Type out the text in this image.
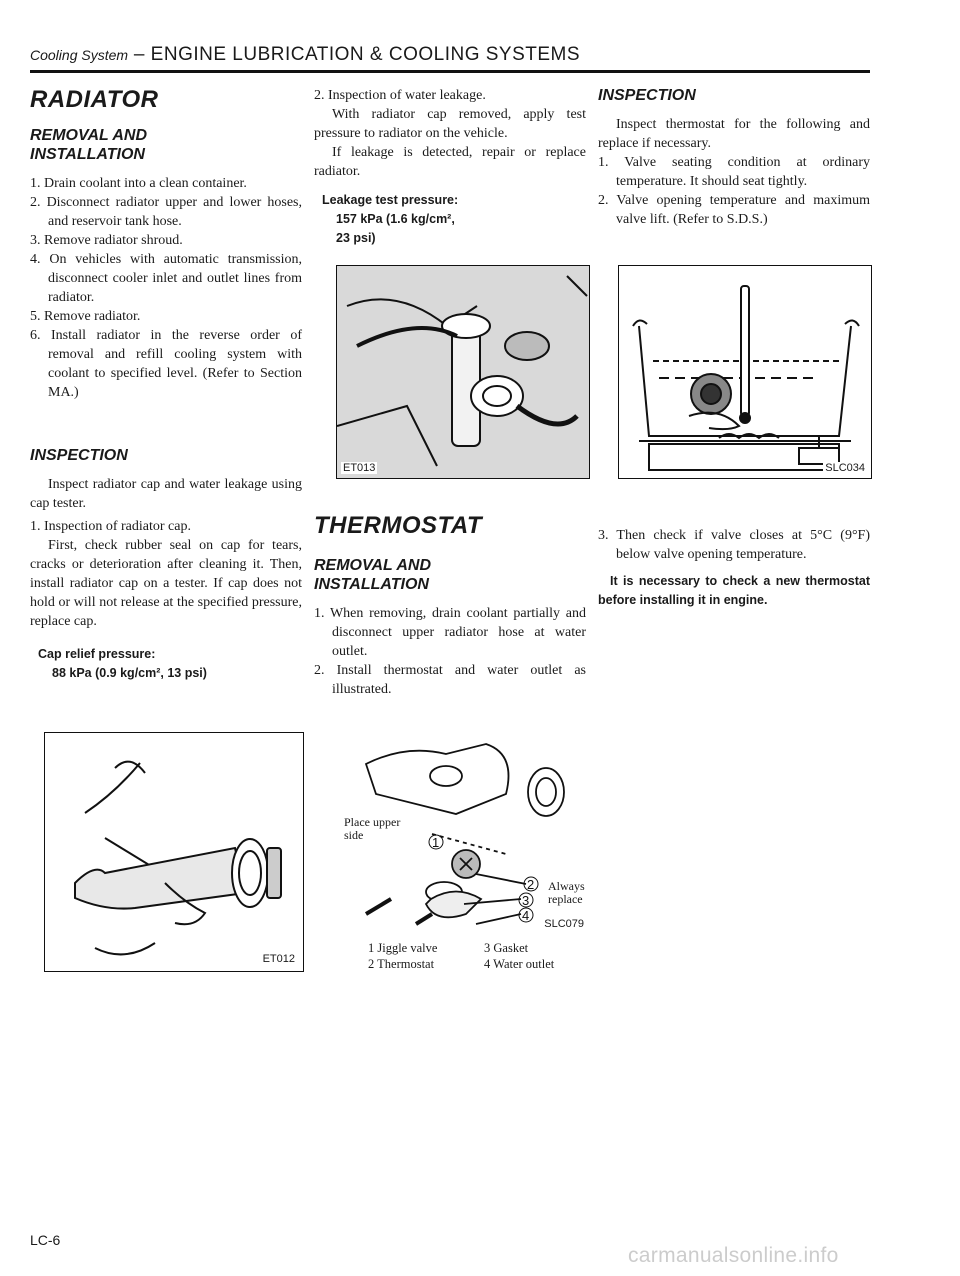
Cooling System – ENGINE LUBRICATION & COOLING SYSTEMS
RADIATOR
REMOVAL AND
INSTALLATION

1. Drain coolant into a clean container.

2. Disconnect radiator upper and lower hoses, and reservoir tank hose.

3. Remove radiator shroud.

4. On vehicles with automatic transmission, disconnect cooler inlet and outlet lines from radiator.

5. Remove radiator.

6. Install radiator in the reverse order of removal and refill cooling system with coolant to specified level. (Refer to Section MA.)

INSPECTION

Inspect radiator cap and water leakage using cap tester.

1. Inspection of radiator cap.

First, check rubber seal on cap for tears, cracks or deterioration after cleaning it. Then, install radiator cap on a tester. If cap does not hold or will not release at the specified pressure, replace cap.

Cap relief pressure:
88 kPa (0.9 kg/cm², 13 psi)
ET012

2. Inspection of water leakage.

With radiator cap removed, apply test pressure to radiator on the vehicle.

If leakage is detected, repair or replace radiator.

Leakage test pressure:
157 kPa (1.6 kg/cm²,
23 psi)
ET013
THERMOSTAT
REMOVAL AND
INSTALLATION

1. When removing, drain coolant partially and disconnect upper radiator hose at water outlet.

2. Install thermostat and water outlet as illustrated.

1
2
3
4
Place upper
side
Always
replace
SLC079
1 Jiggle valve	3 Gasket
2 Thermostat	4 Water outlet
INSPECTION

Inspect thermostat for the following and replace if necessary.

1. Valve seating condition at ordinary temperature. It should seat tightly.

2. Valve opening temperature and maximum valve lift. (Refer to S.D.S.)

SLC034

3. Then check if valve closes at 5°C (9°F) below valve opening temperature.

It is necessary to check a new thermostat before installing it in engine.

LC-6
carmanualsonline.info
